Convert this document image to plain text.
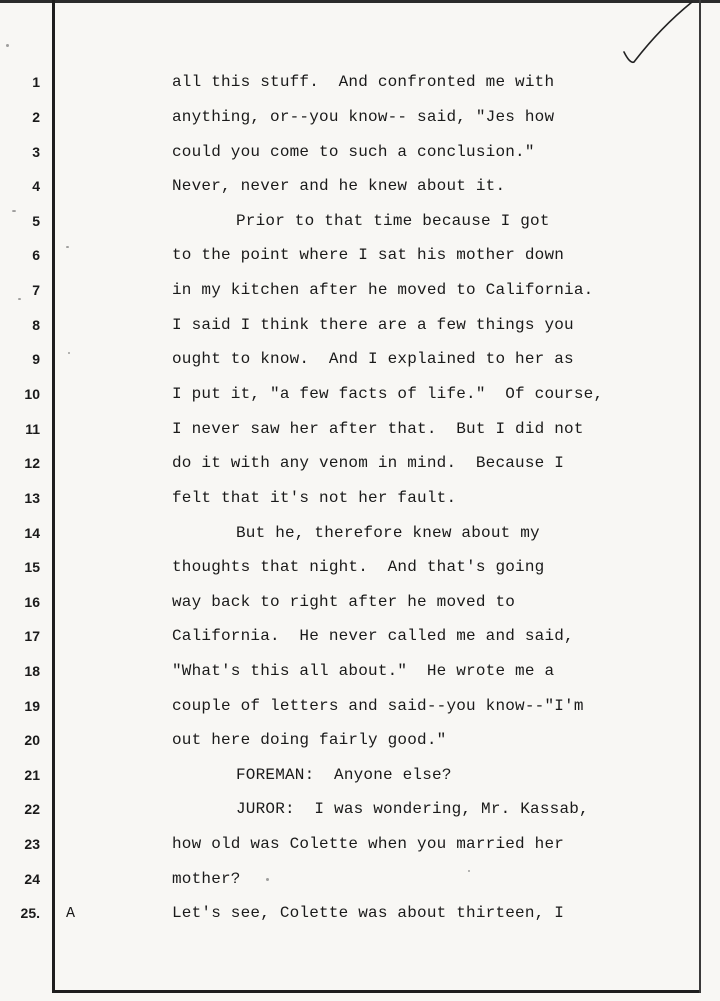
1
2
3
4
5
6
7
8
9
10
11
12
13
14
15
16
17
18
19
20
21
22
23
24
25. A
all this stuff.  And confronted me with
anything, or--you know-- said, "Jes how
could you come to such a conclusion."
Never, never and he knew about it.
Prior to that time because I got
to the point where I sat his mother down
in my kitchen after he moved to California.
I said I think there are a few things you
ought to know.  And I explained to her as
I put it, "a few facts of life."  Of course,
I never saw her after that.  But I did not
do it with any venom in mind.  Because I
felt that it's not her fault.
But he, therefore knew about my
thoughts that night.  And that's going
way back to right after he moved to
California.  He never called me and said,
"What's this all about."  He wrote me a
couple of letters and said--you know--"I'm
out here doing fairly good."
FOREMAN:  Anyone else?
JUROR:  I was wondering, Mr. Kassab,
how old was Colette when you married her
mother?
Let's see, Colette was about thirteen, I
